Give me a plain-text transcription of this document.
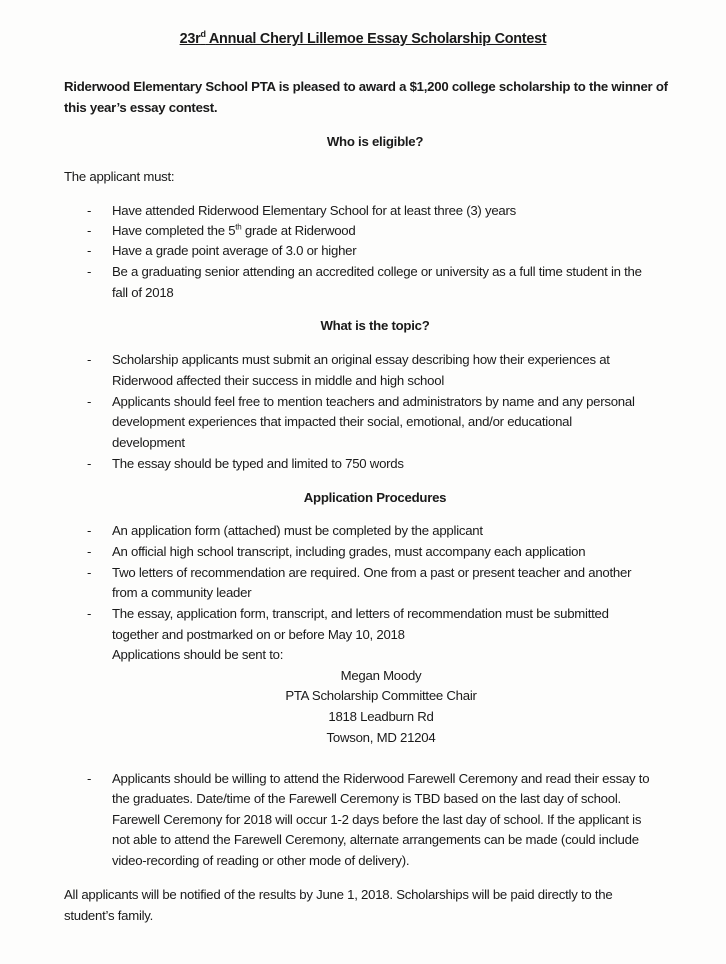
$23r^d$ Annual Cheryl Lillemoe Essay Scholarship Contest
Riderwood Elementary School PTA is pleased to award a $1,200 college scholarship to the winner of
this year’s essay contest.
Who is eligible?
The applicant must:
- Have attended Riderwood Elementary School for at least three (3) years
- Have completed the 5th grade at Riderwood
- Have a grade point average of 3.0 or higher
- Be a graduating senior attending an accredited college or university as a full time student in the
fall of 2018
What is the topic?
- Scholarship applicants must submit an original essay describing how their experiences at
Riderwood affected their success in middle and high school
- Applicants should feel free to mention teachers and administrators by name and any personal
development experiences that impacted their social, emotional, and/or educational
development
- The essay should be typed and limited to 750 words
Application Procedures
- An application form (attached) must be completed by the applicant
- An official high school transcript, including grades, must accompany each application
- Two letters of recommendation are required. One from a past or present teacher and another
from a community leader
- The essay, application form, transcript, and letters of recommendation must be submitted
together and postmarked on or before May 10, 2018
Applications should be sent to:
Megan Moody
PTA Scholarship Committee Chair
1818 Leadburn Rd
Towson, MD 21204
- Applicants should be willing to attend the Riderwood Farewell Ceremony and read their essay to
the graduates. Date/time of the Farewell Ceremony is TBD based on the last day of school.
Farewell Ceremony for 2018 will occur 1-2 days before the last day of school. If the applicant is
not able to attend the Farewell Ceremony, alternate arrangements can be made (could include
video-recording of reading or other mode of delivery).
All applicants will be notified of the results by June 1, 2018. Scholarships will be paid directly to the
student’s family.
